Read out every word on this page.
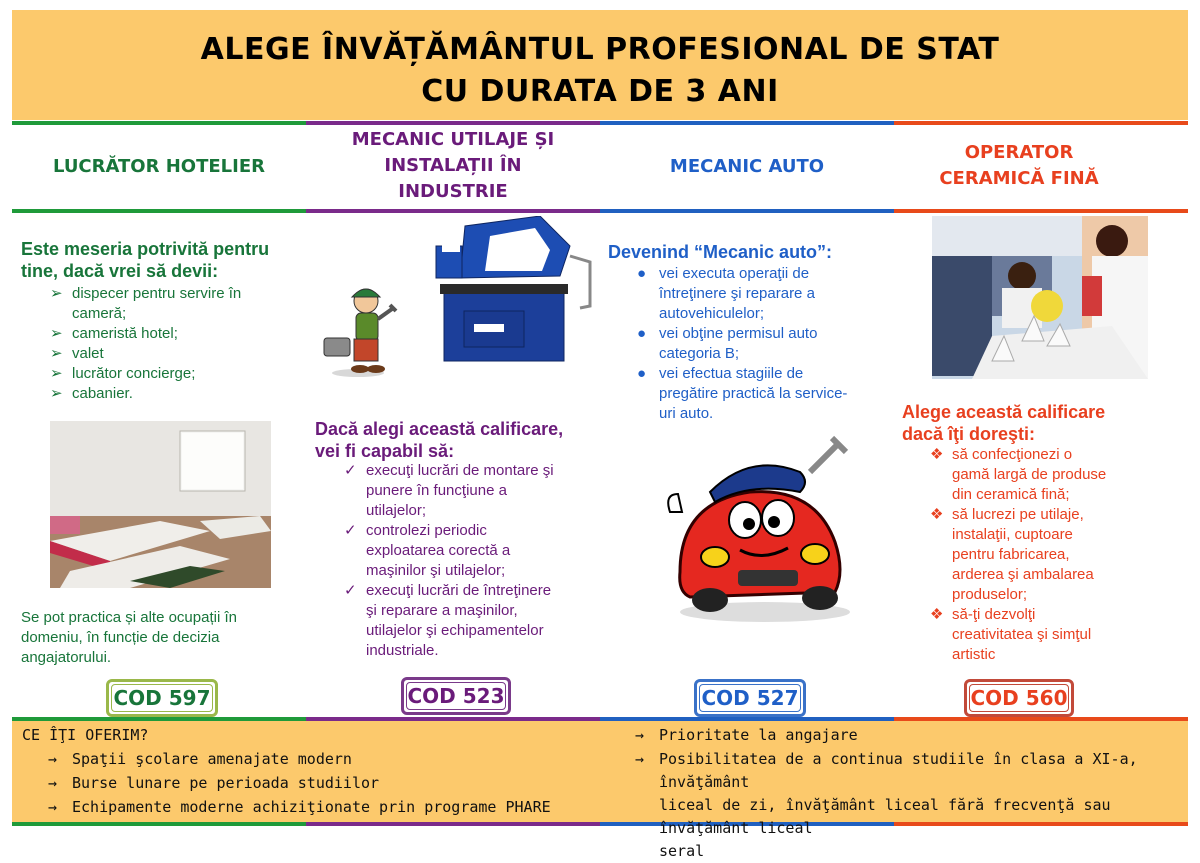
ALEGE ÎNVĂȚĂMÂNTUL PROFESIONAL DE STAT
CU DURATA DE 3 ANI
LUCRĂTOR HOTELIER
MECANIC UTILAJE ȘI
INSTALAȚII ÎN
INDUSTRIE
MECANIC AUTO
OPERATOR
CERAMICĂ FINĂ
Este meseria potrivită pentru
tine, dacă vrei să devii:
➢ dispecer pentru servire în
cameră;
➢ cameristă hotel;
➢ valet
➢ lucrător concierge;
➢ cabanier.
Se pot practica și alte ocupații în
domeniu, în funcție de decizia
angajatorului.
Dacă alegi această calificare,
vei fi capabil să:
✓ execuţi lucrări de montare şi
punere în funcţiune a
utilajelor;
✓ controlezi periodic
exploatarea corectă a
maşinilor şi utilajelor;
✓ execuţi lucrări de întreţinere
şi reparare a maşinilor,
utilajelor şi echipamentelor
industriale.
Devenind “Mecanic auto”:
● vei executa operaţii de
întreţinere şi reparare a
autovehiculelor;
● vei obţine permisul auto
categoria B;
● vei efectua stagiile de
pregătire practică la service-
uri auto.	Alege această calificare
dacă îţi doreşti:
❖ să confecţionezi o
gamă largă de produse
din ceramică fină;
❖ să lucrezi pe utilaje,
instalaţii, cuptoare
pentru fabricarea,
arderea şi ambalarea
produselor;
❖ să-ţi dezvolţi
creativitatea şi simţul
artistic
COD 597	COD 523	COD 527	COD 560
CE ÎŢI OFERIM?
→ Spaţii şcolare amenajate modern
→ Burse lunare pe perioada studiilor
→ Echipamente moderne achiziţionate prin programe PHARE
→ Prioritate la angajare
→ Posibilitatea de a continua studiile în clasa a XI-a, învăţământ
liceal de zi, învăţământ liceal fără frecvenţă sau învăţământ liceal
seral
